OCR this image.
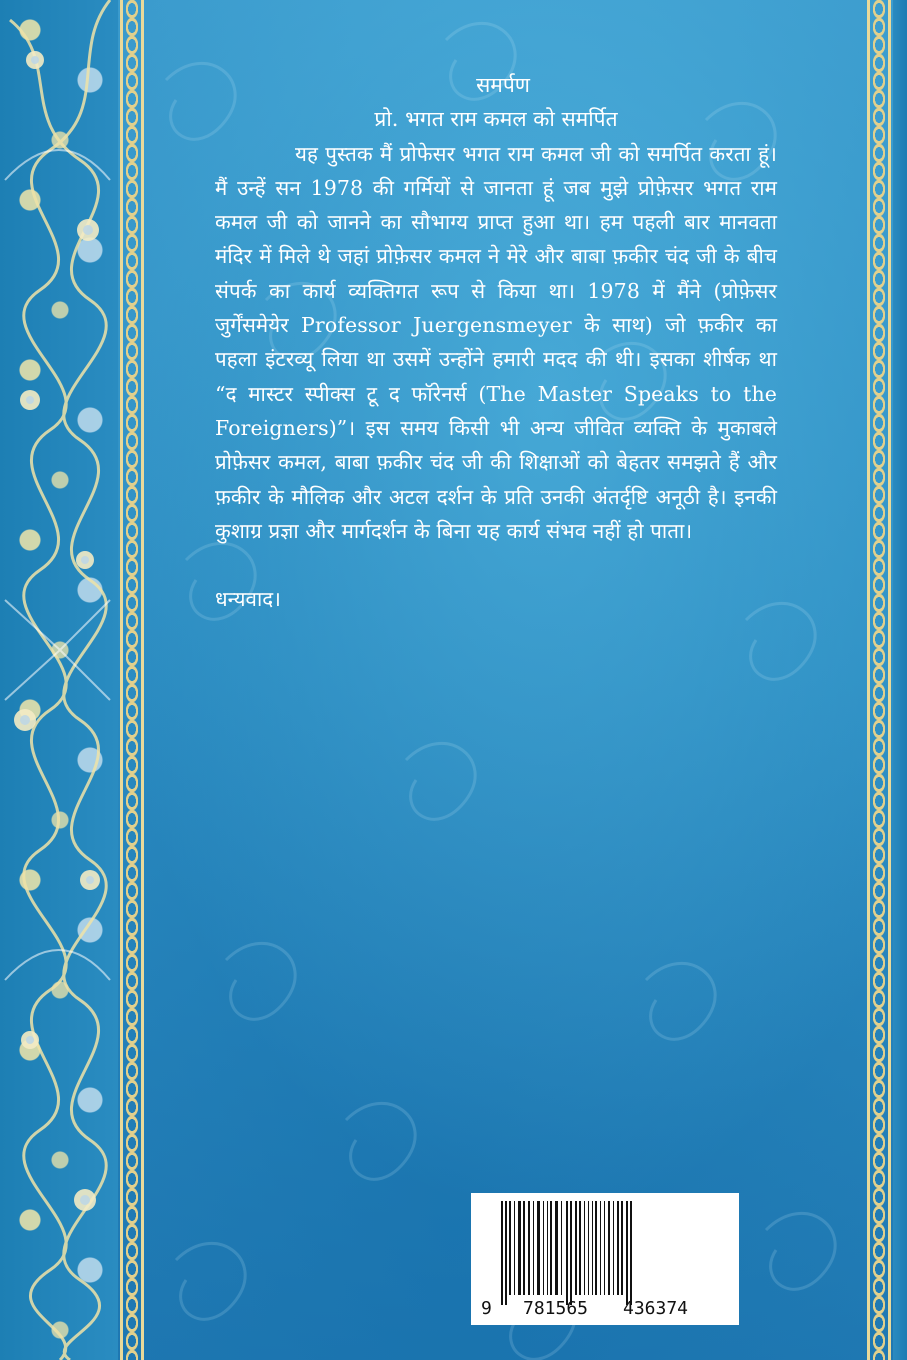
समर्पण

प्रो. भगत राम कमल को समर्पित

यह पुस्तक मैं प्रोफेसर भगत राम कमल जी को समर्पित करता हूं। मैं उन्हें सन 1978 की गर्मियों से जानता हूं जब मुझे प्रोफ़ेसर भगत राम कमल जी को जानने का सौभाग्य प्राप्त हुआ था। हम पहली बार मानवता मंदिर में मिले थे जहां प्रोफ़ेसर कमल ने मेरे और बाबा फ़कीर चंद जी के बीच संपर्क का कार्य व्यक्तिगत रूप से किया था। 1978 में मैंने (प्रोफ़ेसर जुर्गेंसमेयेर Professor Juergensmeyer के साथ) जो फ़कीर का पहला इंटरव्यू लिया था उसमें उन्होंने हमारी मदद की थी। इसका शीर्षक था “द मास्टर स्पीक्स टू द फॉरेनर्स (The Master Speaks to the Foreigners)”। इस समय किसी भी अन्य जीवित व्यक्ति के मुकाबले प्रोफ़ेसर कमल, बाबा फ़कीर चंद जी की शिक्षाओं को बेहतर समझते हैं और फ़कीर के मौलिक और अटल दर्शन के प्रति उनकी अंतर्दृष्टि अनूठी है। इनकी कुशाग्र प्रज्ञा और मार्गदर्शन के बिना यह कार्य संभव नहीं हो पाता।

धन्यवाद।

9 781565 436374
